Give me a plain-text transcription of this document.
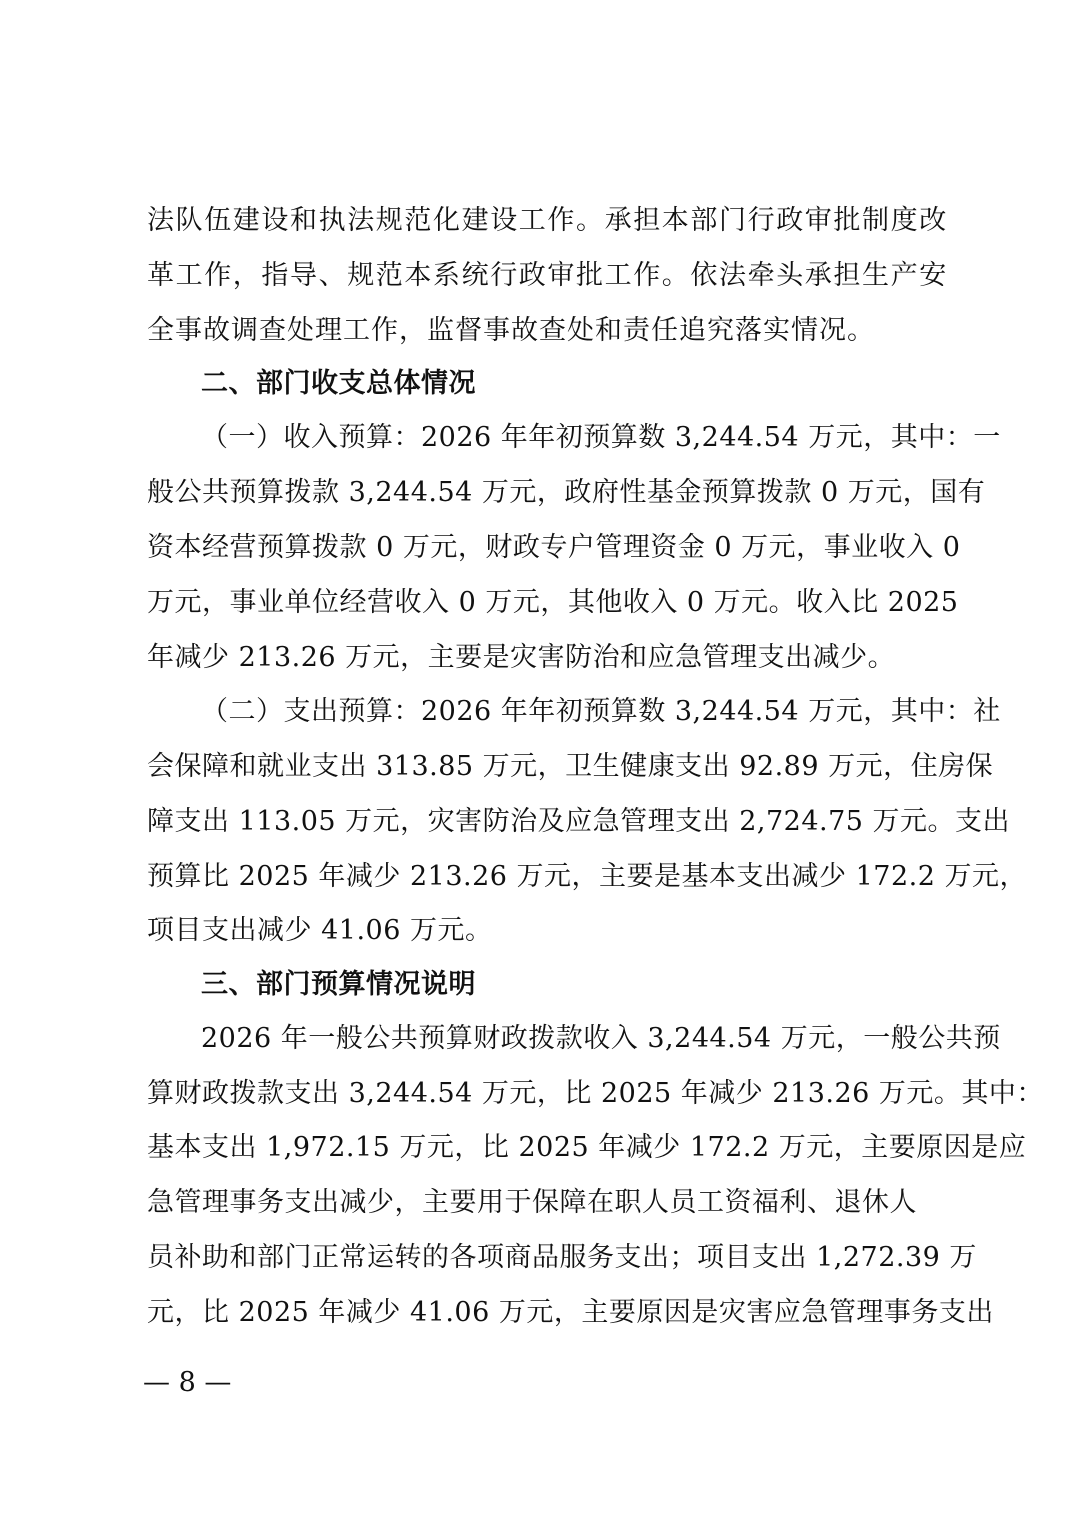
法队伍建设和执法规范化建设工作。承担本部门行政审批制度改
革工作，指导、规范本系统行政审批工作。依法牵头承担生产安
全事故调查处理工作，监督事故查处和责任追究落实情况。
二、部门收支总体情况
（一）收入预算：2026 年年初预算数 3,244.54 万元，其中：一
般公共预算拨款 3,244.54 万元，政府性基金预算拨款 0 万元，国有
资本经营预算拨款 0 万元，财政专户管理资金 0 万元，事业收入 0
万元，事业单位经营收入 0 万元，其他收入 0 万元。收入比 2025
年减少 213.26 万元，主要是灾害防治和应急管理支出减少。
（二）支出预算：2026 年年初预算数 3,244.54 万元，其中：社
会保障和就业支出 313.85 万元，卫生健康支出 92.89 万元，住房保
障支出 113.05 万元，灾害防治及应急管理支出 2,724.75 万元。支出
预算比 2025 年减少 213.26 万元，主要是基本支出减少 172.2 万元，
项目支出减少 41.06 万元。
三、部门预算情况说明
2026 年一般公共预算财政拨款收入 3,244.54 万元，一般公共预
算财政拨款支出 3,244.54 万元，比 2025 年减少 213.26 万元。其中：
基本支出 1,972.15 万元，比 2025 年减少 172.2 万元，主要原因是应
急管理事务支出减少，主要用于保障在职人员工资福利、退休人
员补助和部门正常运转的各项商品服务支出；项目支出 1,272.39 万
元，比 2025 年减少 41.06 万元，主要原因是灾害应急管理事务支出
— 8 —
